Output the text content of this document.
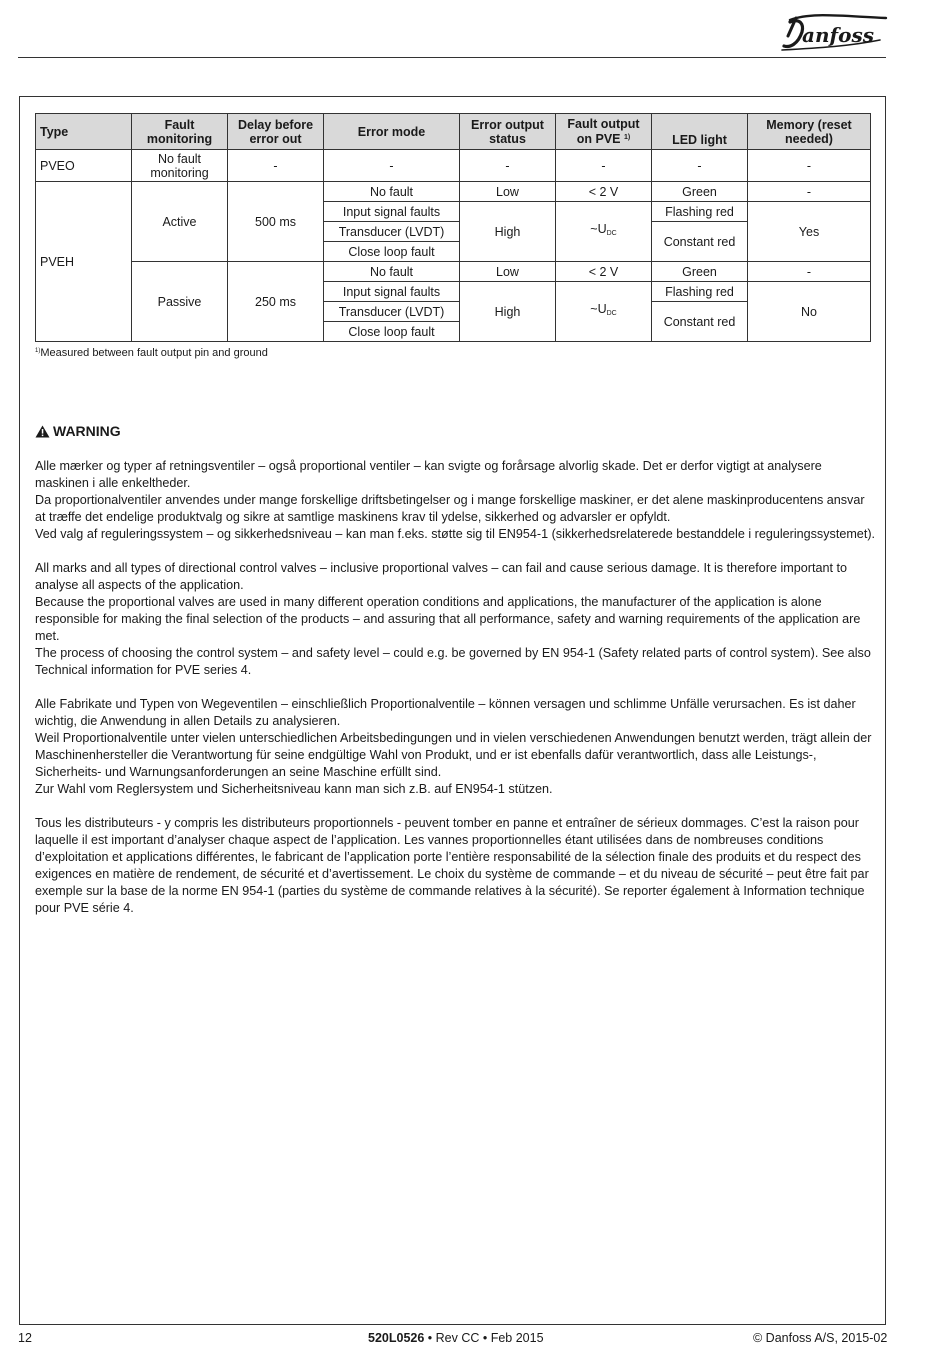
anfoss
Type	Fault monitoring	Delay before error out	Error mode	Error output status	Fault output on PVE $^{1)}$	LED light	Memory (reset needed)
PVEO	No fault monitoring	-	-	-	-	-	-
PVEH	Active	500 ms	No fault	Low	< 2 V	Green	-
			Input signal faults	High	$\sim U_{DC}$	Flashing red	Yes
			Transducer (LVDT)			Constant red	
			Close loop fault				
	Passive	250 ms	No fault	Low	< 2 V	Green	-
			Input signal faults	High	$\sim U_{DC}$	Flashing red	No
			Transducer (LVDT)			Constant red	
			Close loop fault				
$^{1)}$Measured between fault output pin and ground
WARNING

Alle mærker og typer af retningsventiler – også proportional ventiler – kan svigte og forårsage alvorlig skade. Det er derfor vigtigt at analysere maskinen i alle enkeltheder.
Da proportionalventiler anvendes under mange forskellige driftsbetingelser og i mange forskellige maskiner, er det alene maskinproducentens ansvar at træffe det endelige produktvalg og sikre at samtlige maskinens krav til ydelse, sikkerhed og advarsler er opfyldt.
Ved valg af reguleringssystem – og sikkerhedsniveau – kan man f.eks. støtte sig til EN954-1 (sikkerhedsrelaterede bestanddele i reguleringssystemet).

All marks and all types of directional control valves – inclusive proportional valves – can fail and cause serious damage. It is therefore important to analyse all aspects of the application.
Because the proportional valves are used in many different operation conditions and applications, the manufacturer of the application is alone responsible for making the final selection of the products – and assuring that all performance, safety and warning requirements of the application are met.
The process of choosing the control system – and safety level – could e.g. be governed by EN 954-1 (Safety related parts of control system). See also Technical information for PVE series 4.

Alle Fabrikate und Typen von Wegeventilen – einschließlich Proportionalventile – können versagen und schlimme Unfälle verursachen. Es ist daher wichtig, die Anwendung in allen Details zu analysieren.
Weil Proportionalventile unter vielen unterschiedlichen Arbeitsbedingungen und in vielen verschiedenen Anwendungen benutzt werden, trägt allein der Maschinenhersteller die Verantwortung für seine endgültige Wahl von Produkt, und er ist ebenfalls dafür verantwortlich, dass alle Leistungs-, Sicherheits- und Warnungsanforderungen an seine Maschine erfüllt sind.
Zur Wahl vom Reglersystem und Sicherheitsniveau kann man sich z.B. auf EN954-1 stützen.

Tous les distributeurs - y compris les distributeurs proportionnels - peuvent tomber en panne et entraîner de sérieux dommages. C’est la raison pour laquelle il est important d’analyser chaque aspect de l’application. Les vannes proportionnelles étant utilisées dans de nombreuses conditions d’exploitation et applications différentes, le fabricant de l’application porte l’entière responsabilité de la sélection finale des produits et du respect des exigences en matière de rendement, de sécurité et d’avertissement. Le choix du système de commande – et du niveau de sécurité – peut être fait par exemple sur la base de la norme EN 954-1 (parties du système de commande relatives à la sécurité). Se reporter également à Information technique pour PVE série 4.

12	520L0526 • Rev CC • Feb 2015	© Danfoss A/S, 2015-02
